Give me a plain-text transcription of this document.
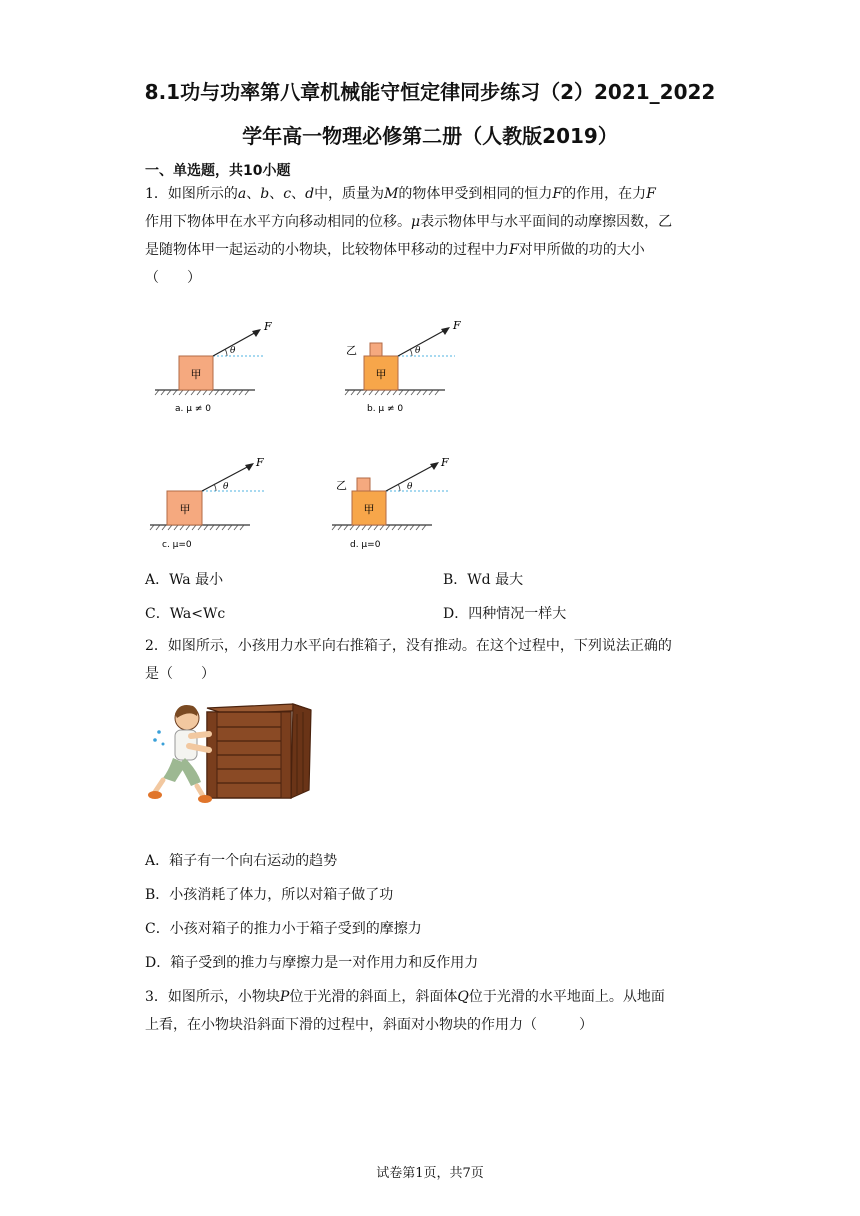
8.1功与功率第八章机械能守恒定律同步练习（2）2021_2022
学年高一物理必修第二册（人教版2019）
一、单选题，共10小题
1．如图所示的a、b、c、d中，质量为M的物体甲受到相同的恒力F的作用，在力F
作用下物体甲在水平方向移动相同的位移。μ表示物体甲与水平面间的动摩擦因数，乙
是随物体甲一起运动的小物块，比较物体甲移动的过程中力F对甲所做的功的大小
（　　）
甲
F
θ
a. μ ≠ 0
乙
甲
F
θ
b. μ ≠ 0
甲
F
θ
c. μ=0
乙
甲
F
θ
d. μ=0
A．Wa 最小	B．Wd 最大
C．Wa<Wc	D．四种情况一样大
2．如图所示，小孩用力水平向右推箱子，没有推动。在这个过程中，下列说法正确的
是（　　）
A．箱子有一个向右运动的趋势
B．小孩消耗了体力，所以对箱子做了功
C．小孩对箱子的推力小于箱子受到的摩擦力
D．箱子受到的推力与摩擦力是一对作用力和反作用力
3．如图所示，小物块P位于光滑的斜面上，斜面体Q位于光滑的水平地面上。从地面
上看，在小物块沿斜面下滑的过程中，斜面对小物块的作用力（　　　）
试卷第1页，共7页
